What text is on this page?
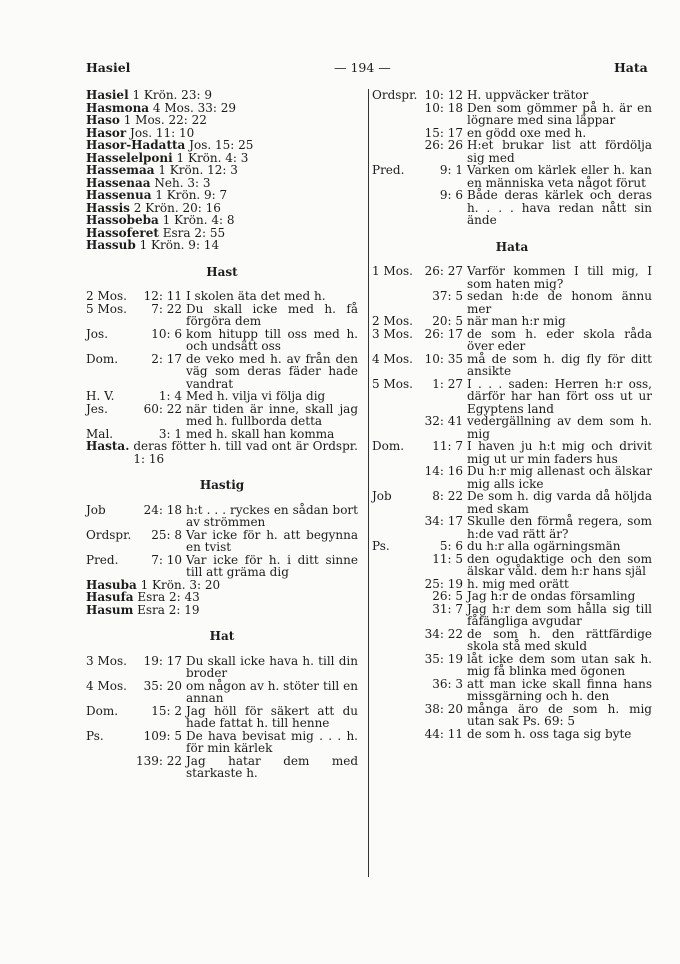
Hasiel	— 194 —	Hata
Hasiel 1 Krön. 23: 9
Hasmona 4 Mos. 33: 29
Haso 1 Mos. 22: 22
Hasor Jos. 11: 10
Hasor-Hadatta Jos. 15: 25
Hasselelponi 1 Krön. 4: 3
Hassemaa 1 Krön. 12: 3
Hassenaa Neh. 3: 3
Hassenua 1 Krön. 9: 7
Hassis 2 Krön. 20: 16
Hassobeba 1 Krön. 4: 8
Hassoferet Esra 2: 55
Hassub 1 Krön. 9: 14
Hast
2 Mos.	12: 11 I skolen äta det med h.
5 Mos.	7: 22 Du skall icke med h. få förgöra dem
Jos.	10: 6 kom hitupp till oss med h. och undsätt oss
Dom.	2: 17 de veko med h. av från den väg som deras fäder hade vandrat
H. V.	1: 4 Med h. vilja vi följa dig
Jes.	60: 22 när tiden är inne, skall jag med h. fullborda detta
Mal.	3: 1 med h. skall han komma
Hasta. deras fötter h. till vad ont är Ordspr. 1: 16
Hastig
Job	24: 18 h:t . . . ryckes en sådan bort av strömmen
Ordspr.	25: 8 Var icke för h. att begynna en tvist
Pred.	7: 10 Var icke för h. i ditt sinne till att gräma dig
Hasuba 1 Krön. 3: 20
Hasufa Esra 2: 43
Hasum Esra 2: 19
Hat
3 Mos.	19: 17 Du skall icke hava h. till din broder
4 Mos.	35: 20 om någon av h. stöter till en annan
Dom.	15: 2 Jag höll för säkert att du hade fattat h. till henne
Ps.	109: 5 De hava bevisat mig . . . h. för min kärlek
139: 22 Jag hatar dem med starkaste h.
Ordspr. 10: 12 H. uppväcker trätor
10: 18 Den som gömmer på h. är en lögnare med sina läppar
15: 17 en gödd oxe med h.
26: 26 H:et brukar list att fördölja sig med
Pred.	9: 1 Varken om kärlek eller h. kan en människa veta något förut
9: 6 Både deras kärlek och deras h. . . . hava redan nått sin ände
Hata
1 Mos. 26: 27 Varför kommen I till mig, I som haten mig?
37: 5 sedan h:de de honom ännu mer
2 Mos.	20: 5 när man h:r mig
3 Mos. 26: 17 de som h. eder skola råda över eder
4 Mos. 10: 35 må de som h. dig fly för ditt ansikte
5 Mos.	1: 27 I . . . saden: Herren h:r oss, därför har han fört oss ut ur Egyptens land
32: 41 vedergällning av dem som h. mig
Dom.	11: 7 I haven ju h:t mig och drivit mig ut ur min faders hus
14: 16 Du h:r mig allenast och älskar mig alls icke
Job	8: 22 De som h. dig varda då höljda med skam
34: 17 Skulle den förmå regera, som h:de vad rätt är?
Ps.	5: 6 du h:r alla ogärningsmän
11: 5 den ogudaktige och den som älskar våld. dem h:r hans själ
25: 19 h. mig med orätt
26: 5 Jag h:r de ondas församling
31: 7 Jag h:r dem som hålla sig till fåfängliga avgudar
34: 22 de som h. den rättfärdige skola stå med skuld
35: 19 låt icke dem som utan sak h. mig få blinka med ögonen
36: 3 att man icke skall finna hans missgärning och h. den
38: 20 många äro de som h. mig utan sak Ps. 69: 5
44: 11 de som h. oss taga sig byte
